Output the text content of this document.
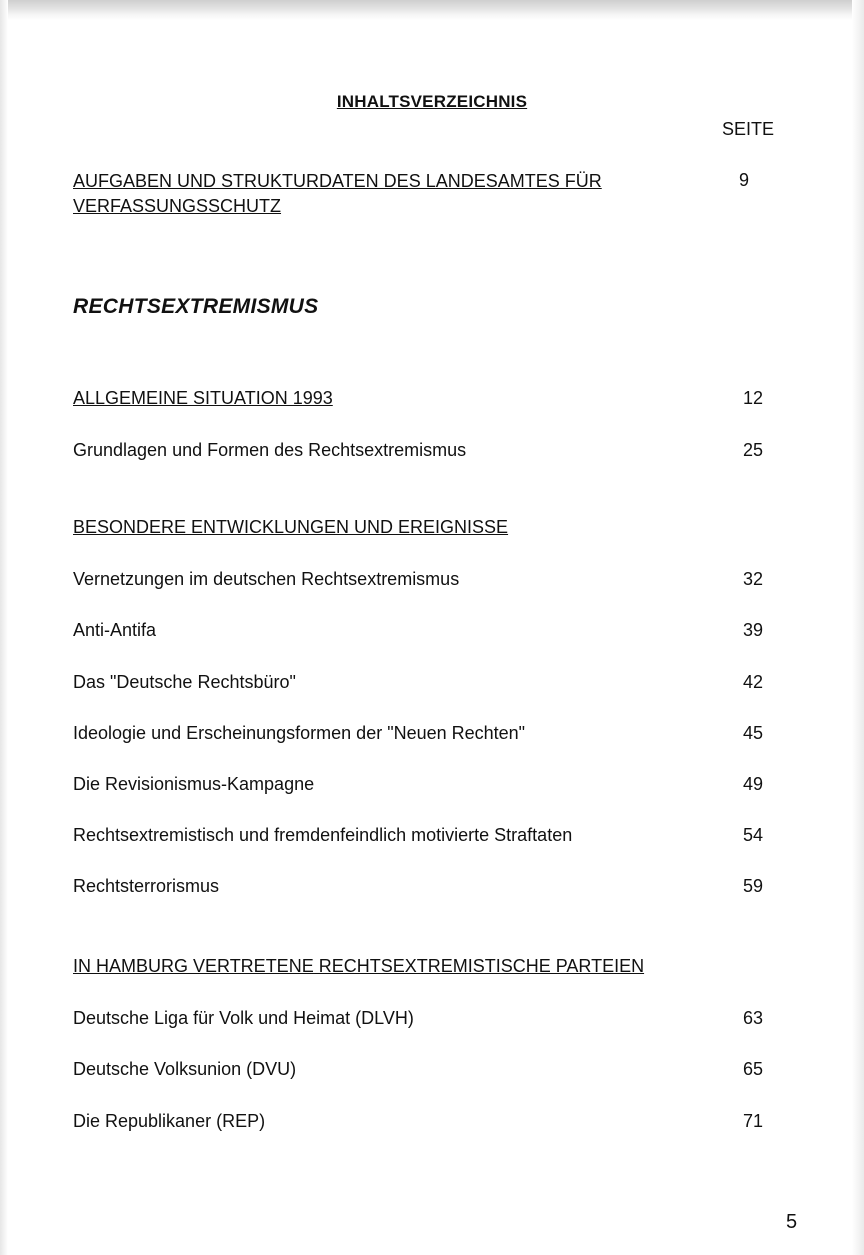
INHALTSVERZEICHNIS
SEITE
AUFGABEN UND STRUKTURDATEN DES LANDESAMTES FÜR
VERFASSUNGSSCHUTZ
9
RECHTSEXTREMISMUS
ALLGEMEINE SITUATION 1993	12
Grundlagen und Formen des Rechtsextremismus	25
BESONDERE ENTWICKLUNGEN UND EREIGNISSE
Vernetzungen im deutschen Rechtsextremismus	32
Anti-Antifa	39
Das "Deutsche Rechtsbüro"	42
Ideologie und Erscheinungsformen der "Neuen Rechten"	45
Die Revisionismus-Kampagne	49
Rechtsextremistisch und fremdenfeindlich motivierte Straftaten	54
Rechtsterrorismus	59
IN HAMBURG VERTRETENE RECHTSEXTREMISTISCHE PARTEIEN
Deutsche Liga für Volk und Heimat (DLVH)	63
Deutsche Volksunion (DVU)	65
Die Republikaner (REP)	71
5
